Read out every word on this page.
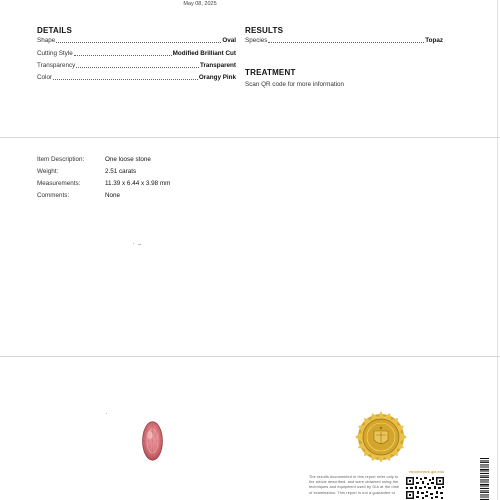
May 08, 2025
DETAILS
Shape	Oval
Cutting Style	Modified Brilliant Cut
Transparency	Transparent
Color	Orangy Pink
RESULTS
Species	Topaz
TREATMENT
Scan QR code for more information
Item Description:	One loose stone
Weight:	2.51 carats
Measurements:	11.39 x 6.44 x 3.98 mm
Comments:	None
reportcheck.gia.edu
The results documented in this report refer only to
the article described, and were obtained using the
techniques and equipment used by GIA at the time
of examination. This report is not a guarantee or
